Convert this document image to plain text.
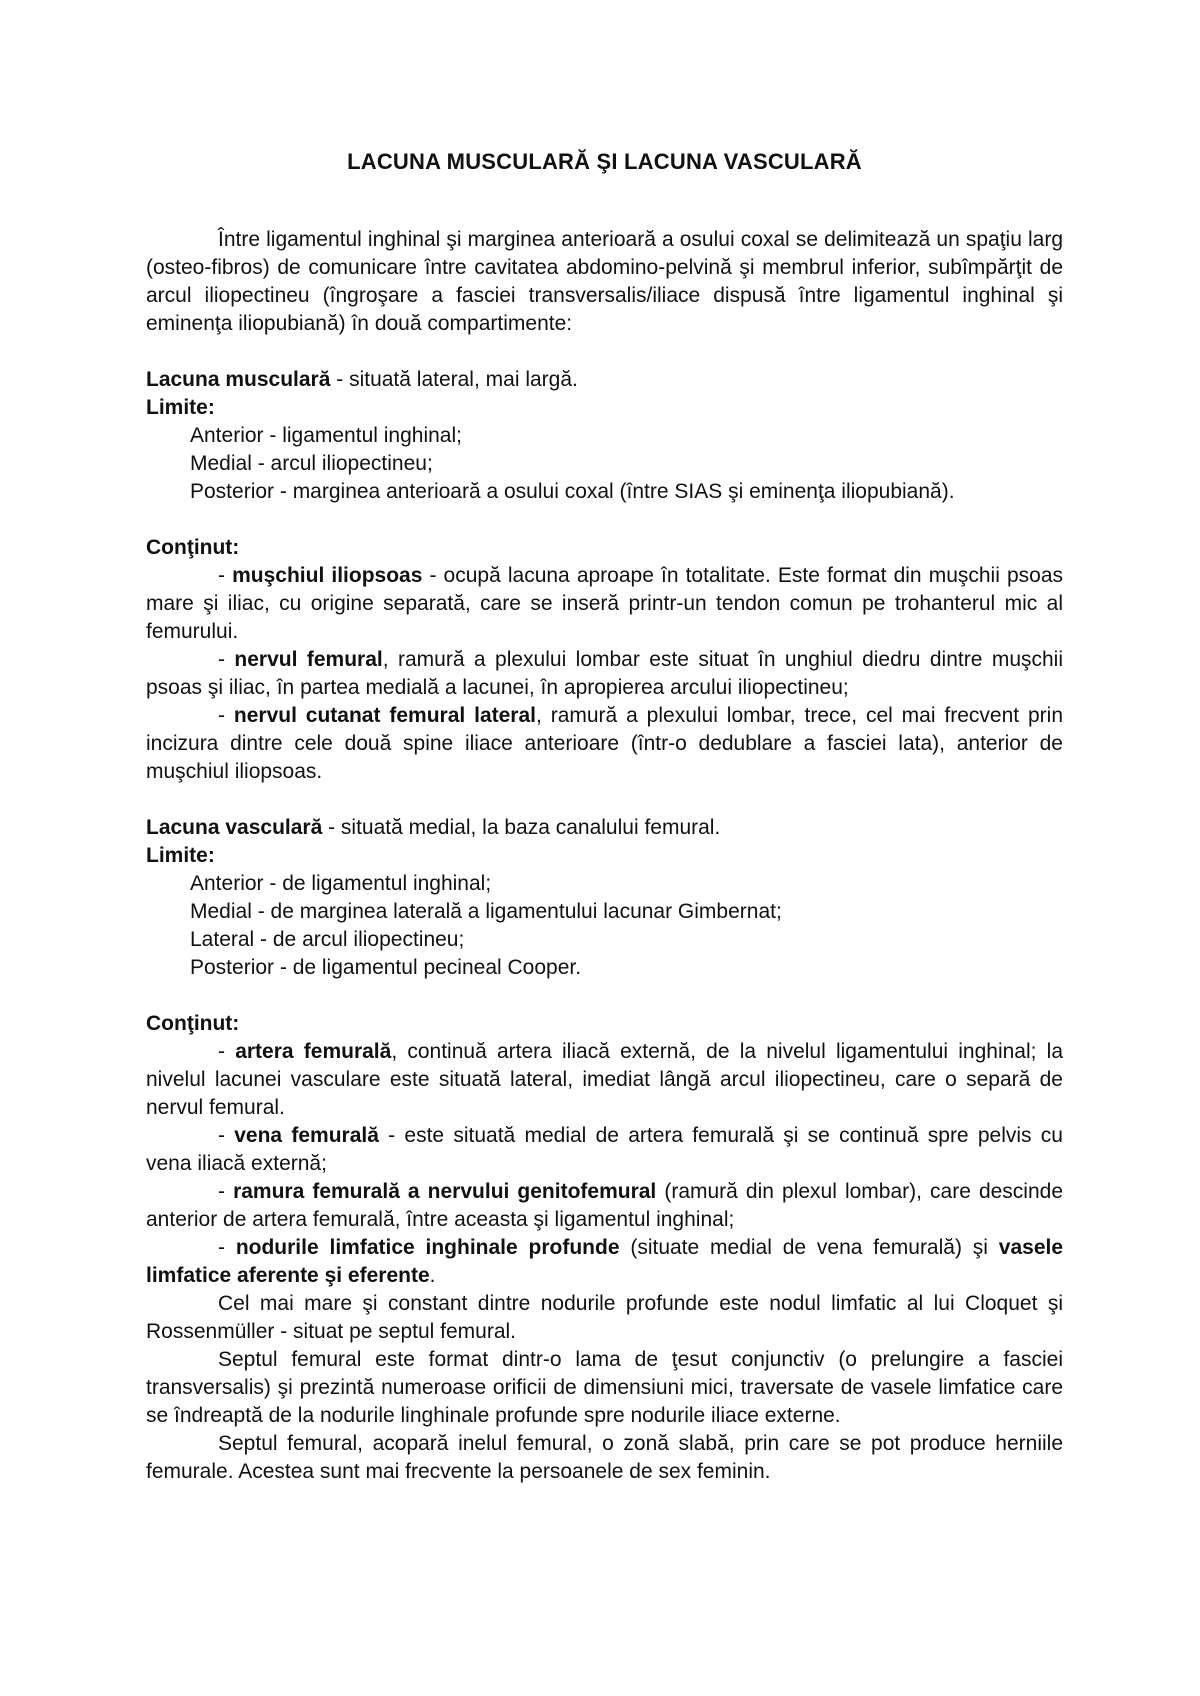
LACUNA MUSCULARĂ ŞI LACUNA VASCULARĂ

Între ligamentul inghinal şi marginea anterioară a osului coxal se delimitează un spaţiu larg (osteo-fibros) de comunicare între cavitatea abdomino-pelvină şi membrul inferior, subîmpărţit de arcul iliopectineu (îngroşare a fasciei transversalis/iliace dispusă între ligamentul inghinal şi eminenţa iliopubiană) în două compartimente:

Lacuna musculară - situată lateral, mai largă.

Limite:

Anterior - ligamentul inghinal;

Medial - arcul iliopectineu;

Posterior - marginea anterioară a osului coxal (între SIAS şi eminenţa iliopubiană).

Conţinut:

- muşchiul iliopsoas - ocupă lacuna aproape în totalitate. Este format din muşchii psoas mare şi iliac, cu origine separată, care se inseră printr-un tendon comun pe trohanterul mic al femurului.

- nervul femural, ramură a plexului lombar este situat în unghiul diedru dintre muşchii psoas şi iliac, în partea medială a lacunei, în apropierea arcului iliopectineu;

- nervul cutanat femural lateral, ramură a plexului lombar, trece, cel mai frecvent prin incizura dintre cele două spine iliace anterioare (într-o dedublare a fasciei lata), anterior de muşchiul iliopsoas.

Lacuna vasculară - situată medial, la baza canalului femural.

Limite:

Anterior - de ligamentul inghinal;

Medial - de marginea laterală a ligamentului lacunar Gimbernat;

Lateral - de arcul iliopectineu;

Posterior - de ligamentul pecineal Cooper.

Conţinut:

- artera femurală, continuă artera iliacă externă, de la nivelul ligamentului inghinal; la nivelul lacunei vasculare este situată lateral, imediat lângă arcul iliopectineu, care o separă de nervul femural.

- vena femurală - este situată medial de artera femurală şi se continuă spre pelvis cu vena iliacă externă;

- ramura femurală a nervului genitofemural (ramură din plexul lombar), care descinde anterior de artera femurală, între aceasta şi ligamentul inghinal;

- nodurile limfatice inghinale profunde (situate medial de vena femurală) şi vasele limfatice aferente şi eferente.

Cel mai mare şi constant dintre nodurile profunde este nodul limfatic al lui Cloquet şi Rossenmüller - situat pe septul femural.

Septul femural este format dintr-o lama de ţesut conjunctiv (o prelungire a fasciei transversalis) şi prezintă numeroase orificii de dimensiuni mici, traversate de vasele limfatice care se îndreaptă de la nodurile linghinale profunde spre nodurile iliace externe.

Septul femural, acopară inelul femural, o zonă slabă, prin care se pot produce herniile femurale. Acestea sunt mai frecvente la persoanele de sex feminin.
